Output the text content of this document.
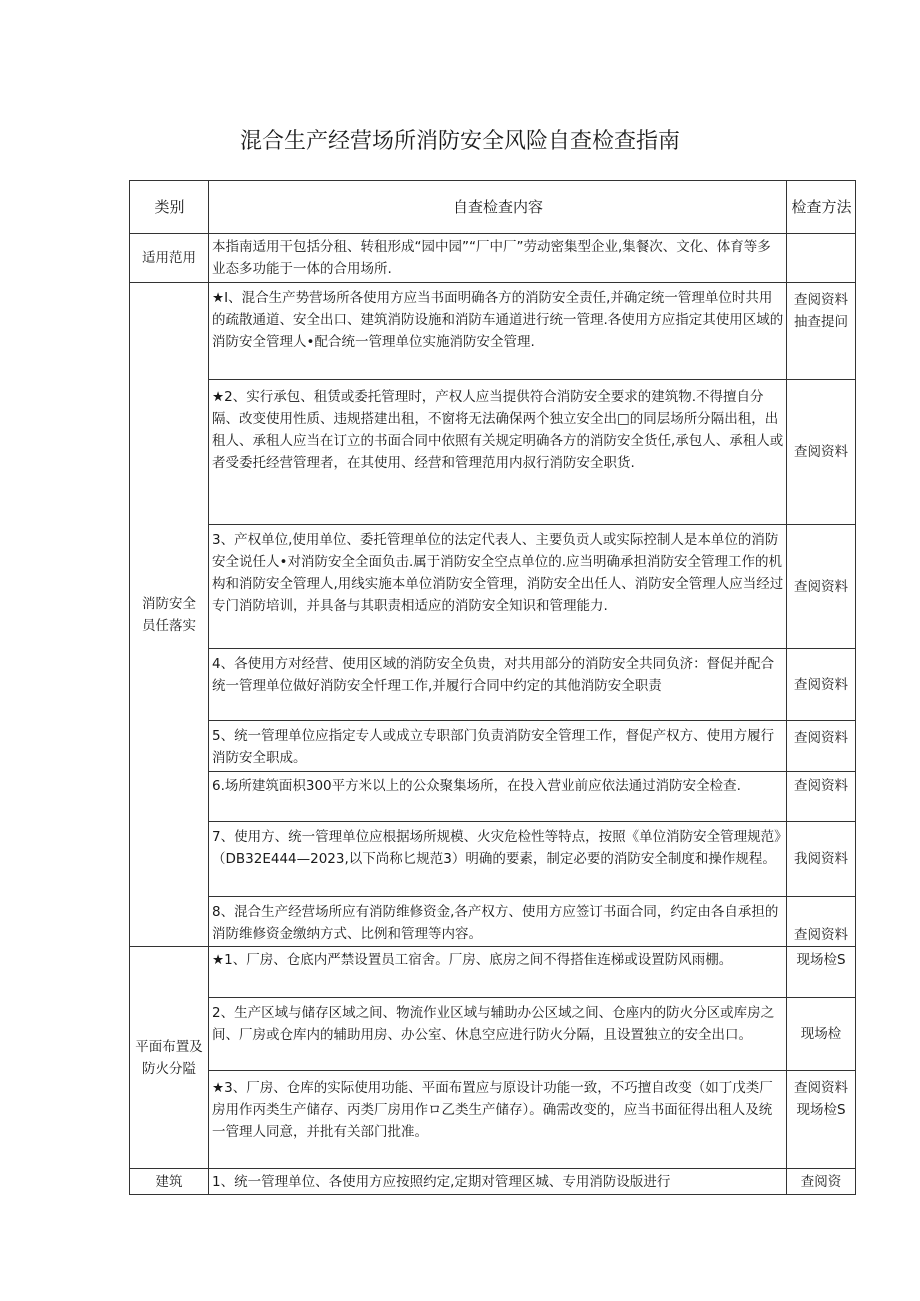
混合生产经营场所消防安全风险自查检查指南
类别	自查检查内容	检查方法
适用范用	本指南适用干包括分租、转租形成“园中园”“厂中厂”劳动密集型企业,集餐次、文化、体育等多业态多功能于一体的合用场所.	
消防安全员任落实	★I、混合生产势营场所各使用方应当书面明确各方的消防安全责任,并确定统一管理单位时共用的疏散通道、安全出口、建筑消防设施和消防车通道进行统一管理.各使用方应指定其使用区域的消防安全管理人•配合统一管理单位实施消防安全管理.	查阅资料抽查提问
	★2、实行承包、租赁或委托管理时，产权人应当提供符合消防安全要求的建筑物.不得擅自分隔、改变使用性质、违规搭建出租，不窗将无法确保两个独立安全出□的同层场所分隔出租，出租人、承租人应当在订立的书面合同中依照有关规定明确各方的消防安全货任,承包人、承租人或者受委托经营管理者，在其使用、经营和管理范用内叔行消防安全职货.	查阅资料
	3、产权单位,使用单位、委托管理单位的法定代表人、主要负贡人或实际控制人是本单位的消防安全说任人•对消防安全全面负击.属于消防安全空点单位的.应当明确承担消防安全管理工作的机构和消防安全管理人,用线实施本单位消防安全管理，消防安全出任人、消防安全管理人应当经过专门消防培训，并具备与其职责相适应的消防安全知识和管理能力.	查阅资料
	4、各使用方对经营、使用区域的消防安全负贵，对共用部分的消防安全共同负济：督促并配合统一管理单位做好消防安全忏理工作,并履行合同中约定的其他消防安全职责	查阅资料
	5、统一管理单位应指定专人或成立专职部门负责消防安全管理工作，督促产权方、使用方履行消防安全职成。	查阅资料
	6.场所建筑面枳300平方米以上的公众聚集场所，在投入营业前应依法通过消防安全检查.	查阅资料
	7、使用方、统一管理单位应根据场所规模、火灾危检性等特点，按照《单位消防安全管理规范》（DB32E444—2023,以下尚称匕规范3）明确的要素，制定必要的消防安全制度和操作规程。	我阅资料
	8、混合生产经营场所应有消防维修资金,各产权方、使用方应签订书面合同，约定由各自承担的消防维修资金缴纳方式、比例和管理等内容。	查阅资料
平面布置及防火分隘	★1、厂房、仓底内严禁设置员工宿舍。厂房、底房之间不得搭隹连梯或设置防风雨棚。	现场检S
	2、生产区域与储存区域之间、物流作业区域与辅助办公区域之间、仓座内的防火分区或库房之间、厂房或仓库内的辅助用房、办公室、休息空应进行防火分隔，且设置独立的安全出口。	现场检
	★3、厂房、仓库的实际使用功能、平面布置应与原设计功能一致，不巧擅自改变（如丁戊类厂房用作丙类生产储存、丙类厂房用作ロ乙类生产储存）。确需改变的，应当书面征得出租人及统一管理人同意，并批有关部门批准。	查阅资料现场检S
建筑	1、统一管理单位、各使用方应按照约定,定期对管理区城、专用消防设版进行	查阅资
